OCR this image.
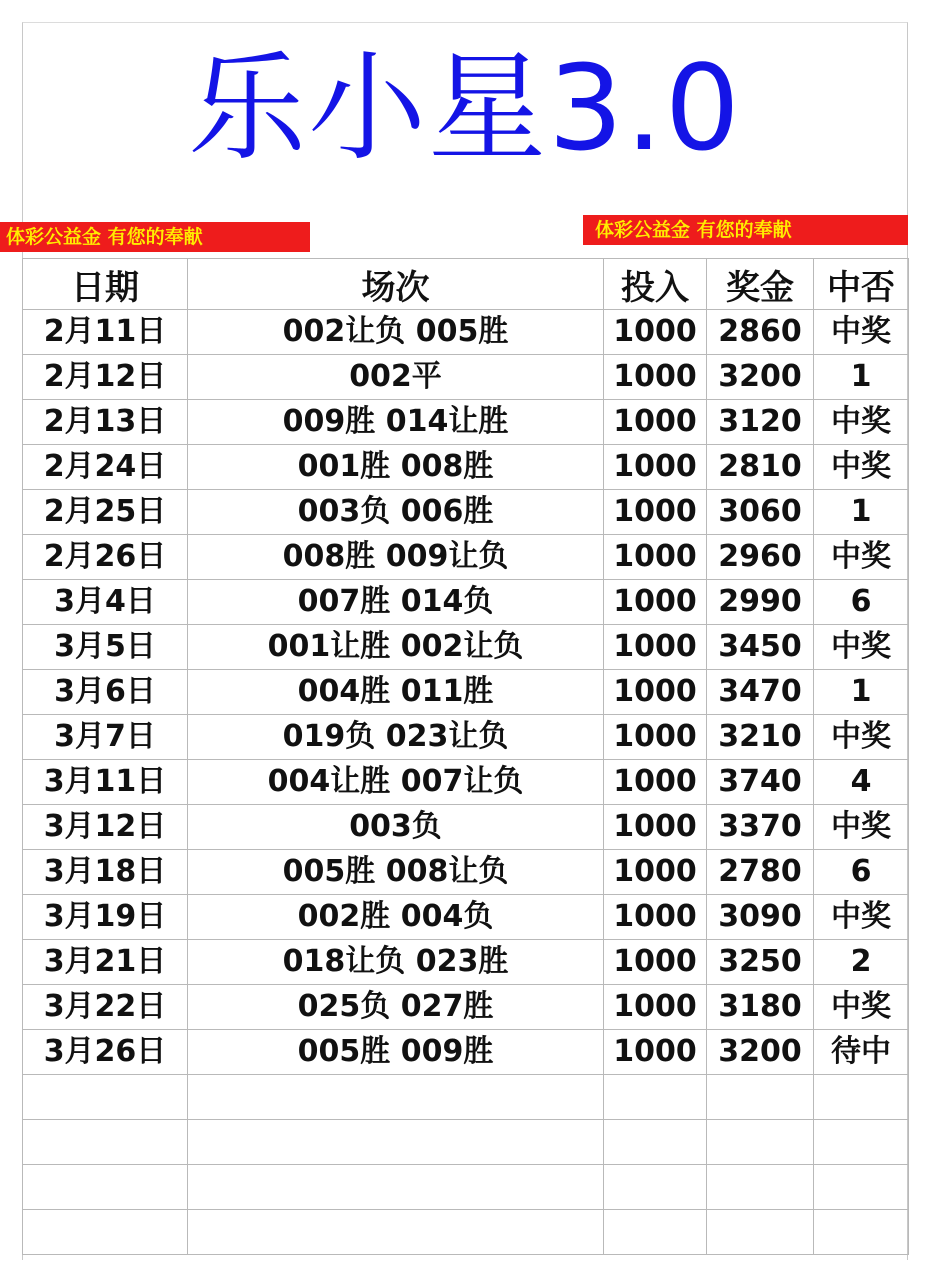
乐小星3.0
体彩公益金 有您的奉献	体彩公益金 有您的奉献
日期	场次	投入	奖金	中否
2月11日	002让负 005胜	1000	2860	中奖
2月12日	002平	1000	3200	1
2月13日	009胜 014让胜	1000	3120	中奖
2月24日	001胜 008胜	1000	2810	中奖
2月25日	003负 006胜	1000	3060	1
2月26日	008胜 009让负	1000	2960	中奖
3月4日	007胜 014负	1000	2990	6
3月5日	001让胜 002让负	1000	3450	中奖
3月6日	004胜 011胜	1000	3470	1
3月7日	019负 023让负	1000	3210	中奖
3月11日	004让胜 007让负	1000	3740	4
3月12日	003负	1000	3370	中奖
3月18日	005胜 008让负	1000	2780	6
3月19日	002胜 004负	1000	3090	中奖
3月21日	018让负 023胜	1000	3250	2
3月22日	025负 027胜	1000	3180	中奖
3月26日	005胜 009胜	1000	3200	待中
